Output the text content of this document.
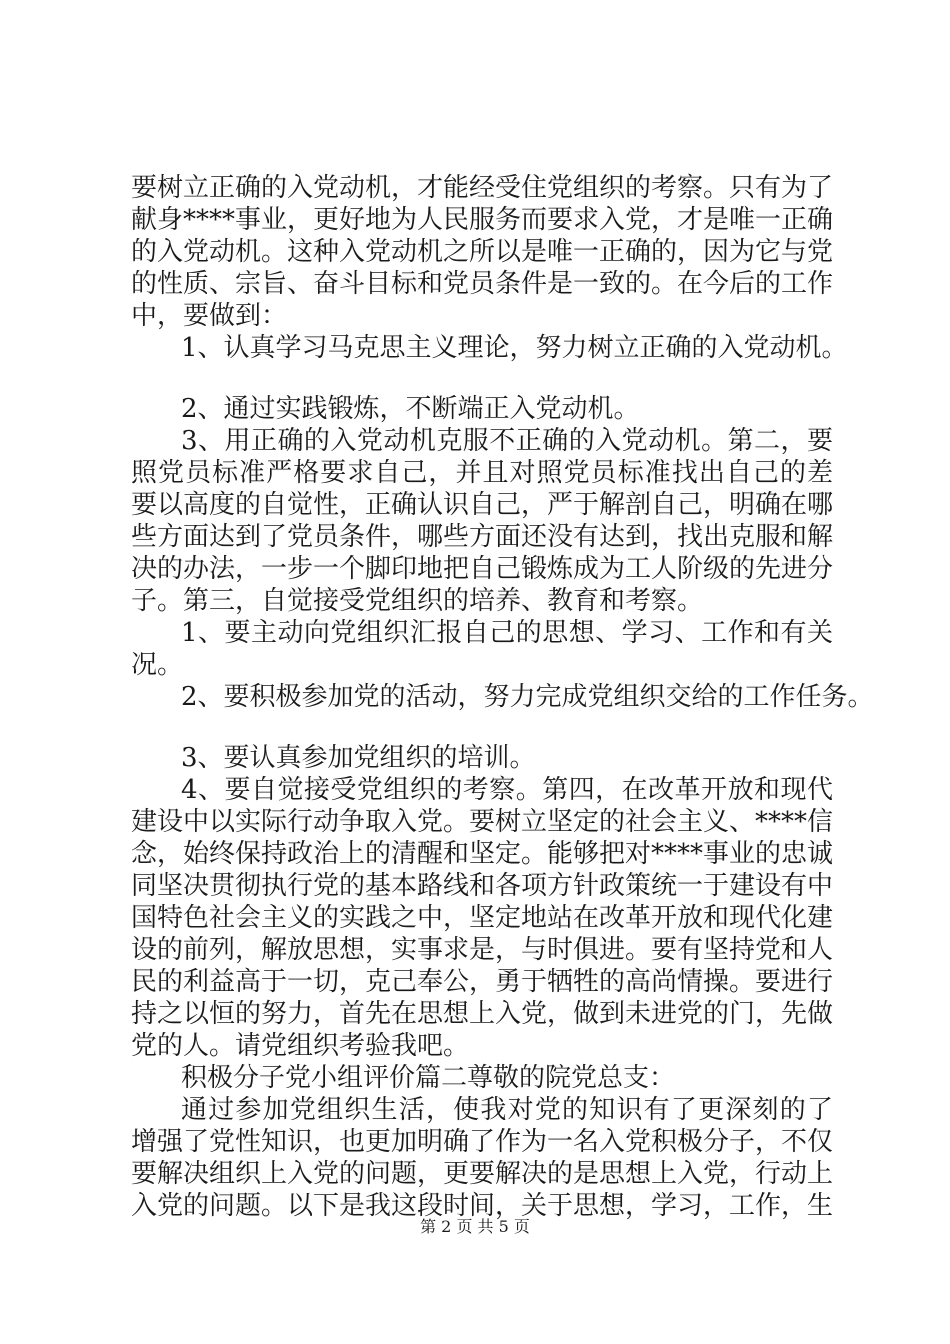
要树立正确的入党动机，才能经受住党组织的考察。只有为了
献身****事业，更好地为人民服务而要求入党，才是唯一正确
的入党动机。这种入党动机之所以是唯一正确的，因为它与党
的性质、宗旨、奋斗目标和党员条件是一致的。在今后的工作
中，要做到：
1、认真学习马克思主义理论，努力树立正确的入党动机。
2、通过实践锻炼，不断端正入党动机。
3、用正确的入党动机克服不正确的入党动机。第二，要
照党员标准严格要求自己，并且对照党员标准找出自己的差
要以高度的自觉性，正确认识自己，严于解剖自己，明确在哪
些方面达到了党员条件，哪些方面还没有达到，找出克服和解
决的办法，一步一个脚印地把自己锻炼成为工人阶级的先进分
子。第三，自觉接受党组织的培养、教育和考察。
1、要主动向党组织汇报自己的思想、学习、工作和有关
况。
2、要积极参加党的活动，努力完成党组织交给的工作任务。
3、要认真参加党组织的培训。
4、要自觉接受党组织的考察。第四，在改革开放和现代
建设中以实际行动争取入党。要树立坚定的社会主义、****信
念，始终保持政治上的清醒和坚定。能够把对****事业的忠诚
同坚决贯彻执行党的基本路线和各项方针政策统一于建设有中
国特色社会主义的实践之中，坚定地站在改革开放和现代化建
设的前列，解放思想，实事求是，与时俱进。要有坚持党和人
民的利益高于一切，克己奉公，勇于牺牲的高尚情操。要进行
持之以恒的努力，首先在思想上入党，做到未进党的门，先做
党的人。请党组织考验我吧。
积极分子党小组评价篇二尊敬的院党总支：
通过参加党组织生活，使我对党的知识有了更深刻的了
增强了党性知识，也更加明确了作为一名入党积极分子，不仅
要解决组织上入党的问题，更要解决的是思想上入党，行动上
入党的问题。以下是我这段时间，关于思想，学习，工作，生
第 2 页 共 5 页
